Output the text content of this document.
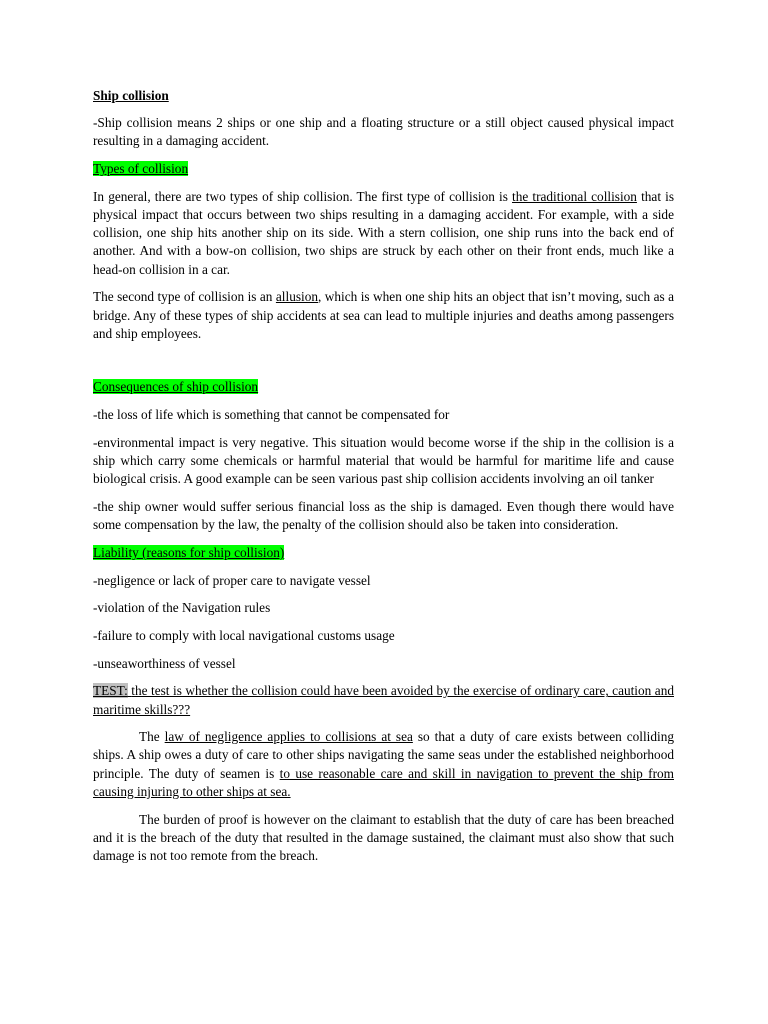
Ship collision

-Ship collision means 2 ships or one ship and a floating structure or a still object caused physical impact resulting in a damaging accident.

Types of collision

In general, there are two types of ship collision. The first type of collision is the traditional collision that is physical impact that occurs between two ships resulting in a damaging accident. For example, with a side collision, one ship hits another ship on its side. With a stern collision, one ship runs into the back end of another. And with a bow-on collision, two ships are struck by each other on their front ends, much like a head-on collision in a car.

The second type of collision is an allusion, which is when one ship hits an object that isn’t moving, such as a bridge. Any of these types of ship accidents at sea can lead to multiple injuries and deaths among passengers and ship employees.

Consequences of ship collision

-the loss of life which is something that cannot be compensated for

-environmental impact is very negative. This situation would become worse if the ship in the collision is a ship which carry some chemicals or harmful material that would be harmful for maritime life and cause biological crisis. A good example can be seen various past ship collision accidents involving an oil tanker

-the ship owner would suffer serious financial loss as the ship is damaged. Even though there would have some compensation by the law, the penalty of the collision should also be taken into consideration.

Liability (reasons for ship collision)

-negligence or lack of proper care to navigate vessel

-violation of the Navigation rules

-failure to comply with local navigational customs usage

-unseaworthiness of vessel

TEST: the test is whether the collision could have been avoided by the exercise of ordinary care, caution and maritime skills???

The law of negligence applies to collisions at sea so that a duty of care exists between colliding ships. A ship owes a duty of care to other ships navigating the same seas under the established neighborhood principle. The duty of seamen is to use reasonable care and skill in navigation to prevent the ship from causing injuring to other ships at sea.

The burden of proof is however on the claimant to establish that the duty of care has been breached and it is the breach of the duty that resulted in the damage sustained, the claimant must also show that such damage is not too remote from the breach.
